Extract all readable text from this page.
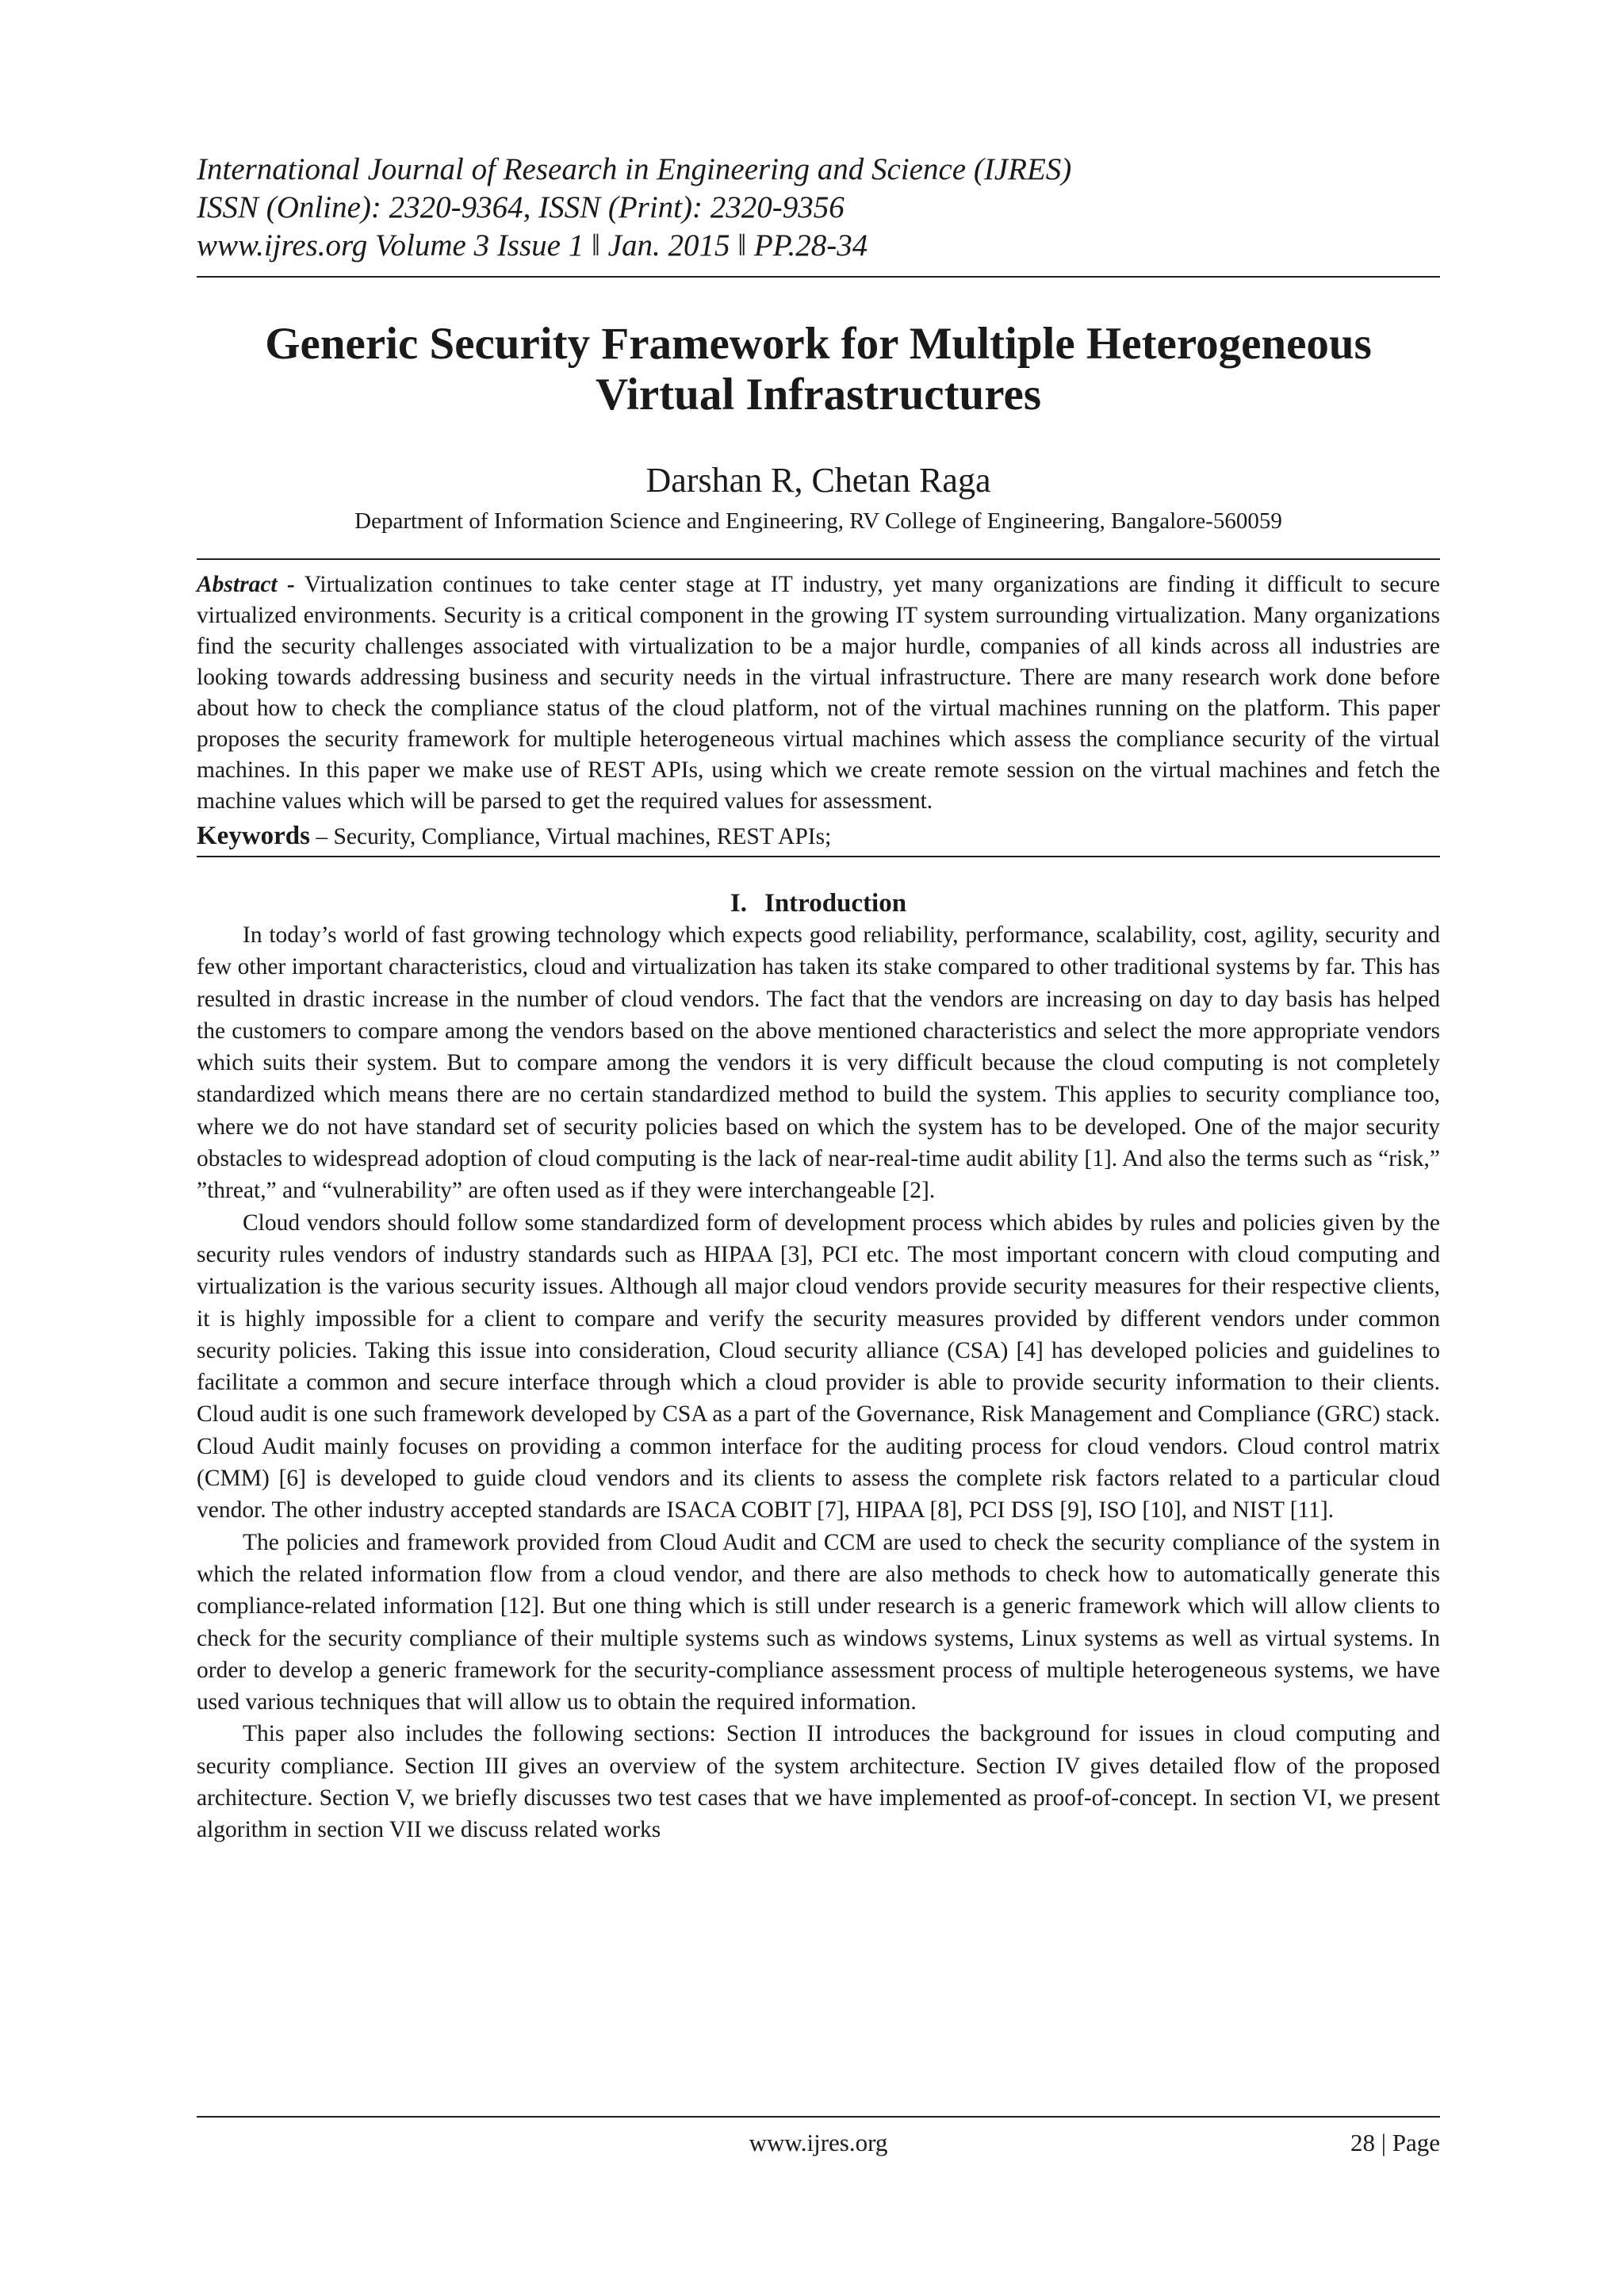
International Journal of Research in Engineering and Science (IJRES)
ISSN (Online): 2320-9364, ISSN (Print): 2320-9356
www.ijres.org Volume 3 Issue 1 ǁ Jan. 2015 ǁ PP.28-34
Generic Security Framework for Multiple Heterogeneous Virtual Infrastructures
Darshan R, Chetan Raga
Department of Information Science and Engineering, RV College of Engineering, Bangalore-560059
Abstract - Virtualization continues to take center stage at IT industry, yet many organizations are finding it difficult to secure virtualized environments. Security is a critical component in the growing IT system surrounding virtualization. Many organizations find the security challenges associated with virtualization to be a major hurdle, companies of all kinds across all industries are looking towards addressing business and security needs in the virtual infrastructure. There are many research work done before about how to check the compliance status of the cloud platform, not of the virtual machines running on the platform. This paper proposes the security framework for multiple heterogeneous virtual machines which assess the compliance security of the virtual machines. In this paper we make use of REST APIs, using which we create remote session on the virtual machines and fetch the machine values which will be parsed to get the required values for assessment.
Keywords – Security, Compliance, Virtual machines, REST APIs;
I. Introduction

In today’s world of fast growing technology which expects good reliability, performance, scalability, cost, agility, security and few other important characteristics, cloud and virtualization has taken its stake compared to other traditional systems by far. This has resulted in drastic increase in the number of cloud vendors. The fact that the vendors are increasing on day to day basis has helped the customers to compare among the vendors based on the above mentioned characteristics and select the more appropriate vendors which suits their system. But to compare among the vendors it is very difficult because the cloud computing is not completely standardized which means there are no certain standardized method to build the system. This applies to security compliance too, where we do not have standard set of security policies based on which the system has to be developed. One of the major security obstacles to widespread adoption of cloud computing is the lack of near-real-time audit ability [1]. And also the terms such as “risk,” ”threat,” and “vulnerability” are often used as if they were interchangeable [2].

Cloud vendors should follow some standardized form of development process which abides by rules and policies given by the security rules vendors of industry standards such as HIPAA [3], PCI etc. The most important concern with cloud computing and virtualization is the various security issues. Although all major cloud vendors provide security measures for their respective clients, it is highly impossible for a client to compare and verify the security measures provided by different vendors under common security policies. Taking this issue into consideration, Cloud security alliance (CSA) [4] has developed policies and guidelines to facilitate a common and secure interface through which a cloud provider is able to provide security information to their clients. Cloud audit is one such framework developed by CSA as a part of the Governance, Risk Management and Compliance (GRC) stack. Cloud Audit mainly focuses on providing a common interface for the auditing process for cloud vendors. Cloud control matrix (CMM) [6] is developed to guide cloud vendors and its clients to assess the complete risk factors related to a particular cloud vendor. The other industry accepted standards are ISACA COBIT [7], HIPAA [8], PCI DSS [9], ISO [10], and NIST [11].

The policies and framework provided from Cloud Audit and CCM are used to check the security compliance of the system in which the related information flow from a cloud vendor, and there are also methods to check how to automatically generate this compliance-related information [12]. But one thing which is still under research is a generic framework which will allow clients to check for the security compliance of their multiple systems such as windows systems, Linux systems as well as virtual systems. In order to develop a generic framework for the security-compliance assessment process of multiple heterogeneous systems, we have used various techniques that will allow us to obtain the required information.

This paper also includes the following sections: Section II introduces the background for issues in cloud computing and security compliance. Section III gives an overview of the system architecture. Section IV gives detailed flow of the proposed architecture. Section V, we briefly discusses two test cases that we have implemented as proof-of-concept. In section VI, we present algorithm in section VII we discuss related works

www.ijres.org	28 | Page
